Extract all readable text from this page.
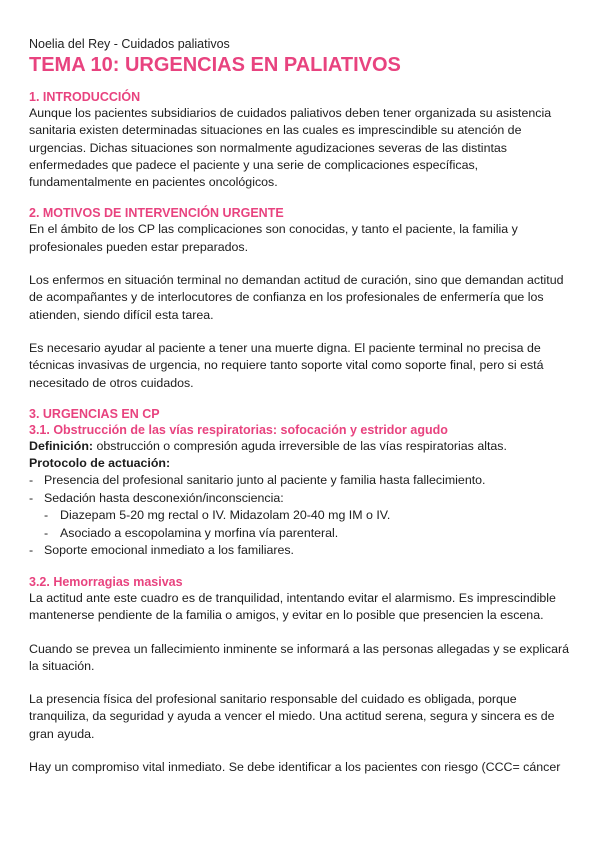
Noelia del Rey - Cuidados paliativos
TEMA 10: URGENCIAS EN PALIATIVOS
1. INTRODUCCIÓN

Aunque los pacientes subsidiarios de cuidados paliativos deben tener organizada su asistencia sanitaria existen determinadas situaciones en las cuales es imprescindible su atención de urgencias. Dichas situaciones son normalmente agudizaciones severas de las distintas enfermedades que padece el paciente y una serie de complicaciones específicas, fundamentalmente en pacientes oncológicos.

2. MOTIVOS DE INTERVENCIÓN URGENTE

En el ámbito de los CP las complicaciones son conocidas, y tanto el paciente, la familia y profesionales pueden estar preparados.

Los enfermos en situación terminal no demandan actitud de curación, sino que demandan actitud de acompañantes y de interlocutores de confianza en los profesionales de enfermería que los atienden, siendo difícil esta tarea.

Es necesario ayudar al paciente a tener una muerte digna. El paciente terminal no precisa de técnicas invasivas de urgencia, no requiere tanto soporte vital como soporte final, pero si está necesitado de otros cuidados.

3. URGENCIAS EN CP
3.1. Obstrucción de las vías respiratorias: sofocación y estridor agudo

Definición: obstrucción o compresión aguda irreversible de las vías respiratorias altas.

Protocolo de actuación:

- Presencia del profesional sanitario junto al paciente y familia hasta fallecimiento.
- Sedación hasta desconexión/inconsciencia:
- Diazepam 5-20 mg rectal o IV. Midazolam 20-40 mg IM o IV.
- Asociado a escopolamina y morfina vía parenteral.
- Soporte emocional inmediato a los familiares.
3.2. Hemorragias masivas

La actitud ante este cuadro es de tranquilidad, intentando evitar el alarmismo. Es imprescindible mantenerse pendiente de la familia o amigos, y evitar en lo posible que presencien la escena.

Cuando se prevea un fallecimiento inminente se informará a las personas allegadas y se explicará la situación.

La presencia física del profesional sanitario responsable del cuidado es obligada, porque tranquiliza, da seguridad y ayuda a vencer el miedo. Una actitud serena, segura y sincera es de gran ayuda.

Hay un compromiso vital inmediato. Se debe identificar a los pacientes con riesgo (CCC= cáncer
